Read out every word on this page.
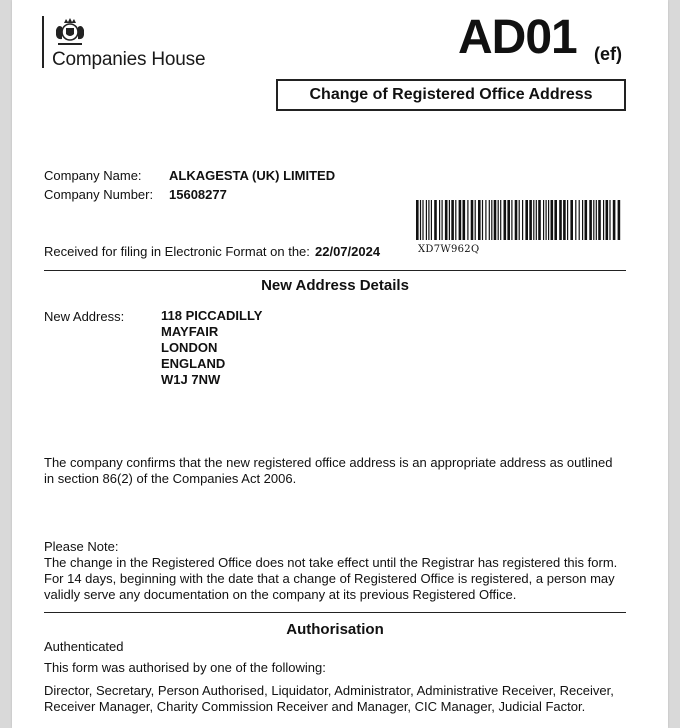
Companies House	AD01 (ef)
Change of Registered Office Address
Company Name: ALKAGESTA (UK) LIMITED
Company Number: 15608277
XD7W962Q
Received for filing in Electronic Format on the: 22/07/2024
New Address Details
New Address:	118 PICCADILLY
MAYFAIR
LONDON
ENGLAND
W1J 7NW
The company confirms that the new registered office address is an appropriate address as outlined
in section 86(2) of the Companies Act 2006.
Please Note:
The change in the Registered Office does not take effect until the Registrar has registered this form.
For 14 days, beginning with the date that a change of Registered Office is registered, a person may
validly serve any documentation on the company at its previous Registered Office.
Authorisation
Authenticated
This form was authorised by one of the following:
Director, Secretary, Person Authorised, Liquidator, Administrator, Administrative Receiver, Receiver,
Receiver Manager, Charity Commission Receiver and Manager, CIC Manager, Judicial Factor.
